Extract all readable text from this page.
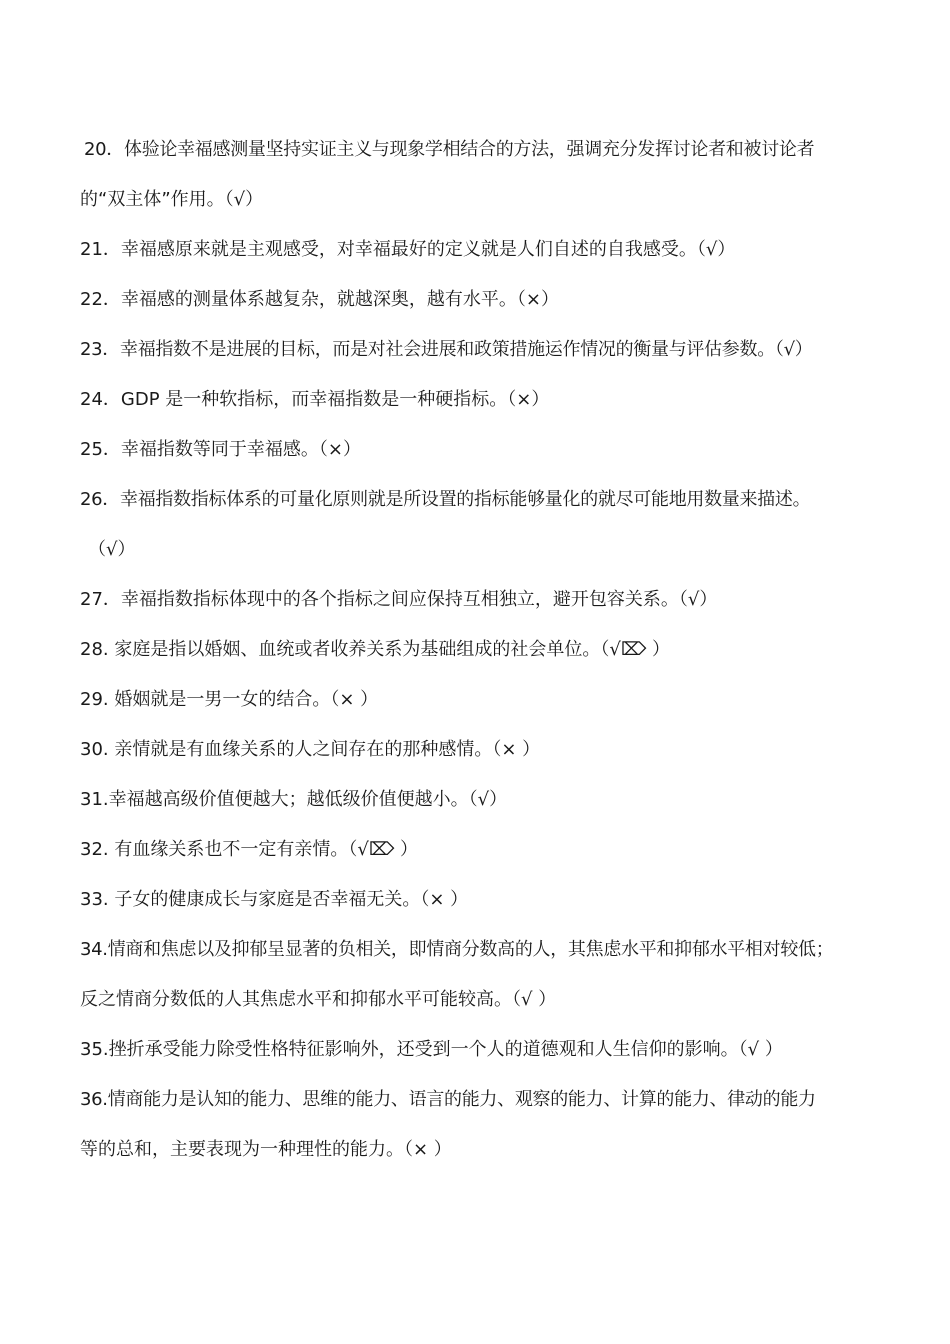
20．体验论幸福感测量坚持实证主义与现象学相结合的方法，强调充分发挥讨论者和被讨论者
的“双主体”作用。（√）
21．幸福感原来就是主观感受，对幸福最好的定义就是人们自述的自我感受。（√）
22．幸福感的测量体系越复杂，就越深奥，越有水平。（×）
23．幸福指数不是进展的目标，而是对社会进展和政策措施运作情况的衡量与评估参数。（√）
24．GDP 是一种软指标，而幸福指数是一种硬指标。（×）
25．幸福指数等同于幸福感。（×）
26．幸福指数指标体系的可量化原则就是所设置的指标能够量化的就尽可能地用数量来描述。
（√）
27．幸福指数指标体现中的各个指标之间应保持互相独立，避开包容关系。（√）
28. 家庭是指以婚姻、血统或者收养关系为基础组成的社会单位。（√⌦ ）
29. 婚姻就是一男一女的结合。（× ）
30. 亲情就是有血缘关系的人之间存在的那种感情。（× ）
31.幸福越高级价值便越大；越低级价值便越小。（√）
32. 有血缘关系也不一定有亲情。（√⌦ ）
33. 子女的健康成长与家庭是否幸福无关。（× ）
34.情商和焦虑以及抑郁呈显著的负相关，即情商分数高的人，其焦虑水平和抑郁水平相对较低；
反之情商分数低的人其焦虑水平和抑郁水平可能较高。（√ ）
35.挫折承受能力除受性格特征影响外，还受到一个人的道德观和人生信仰的影响。（√ ）
36.情商能力是认知的能力、思维的能力、语言的能力、观察的能力、计算的能力、律动的能力
等的总和，主要表现为一种理性的能力。（× ）
